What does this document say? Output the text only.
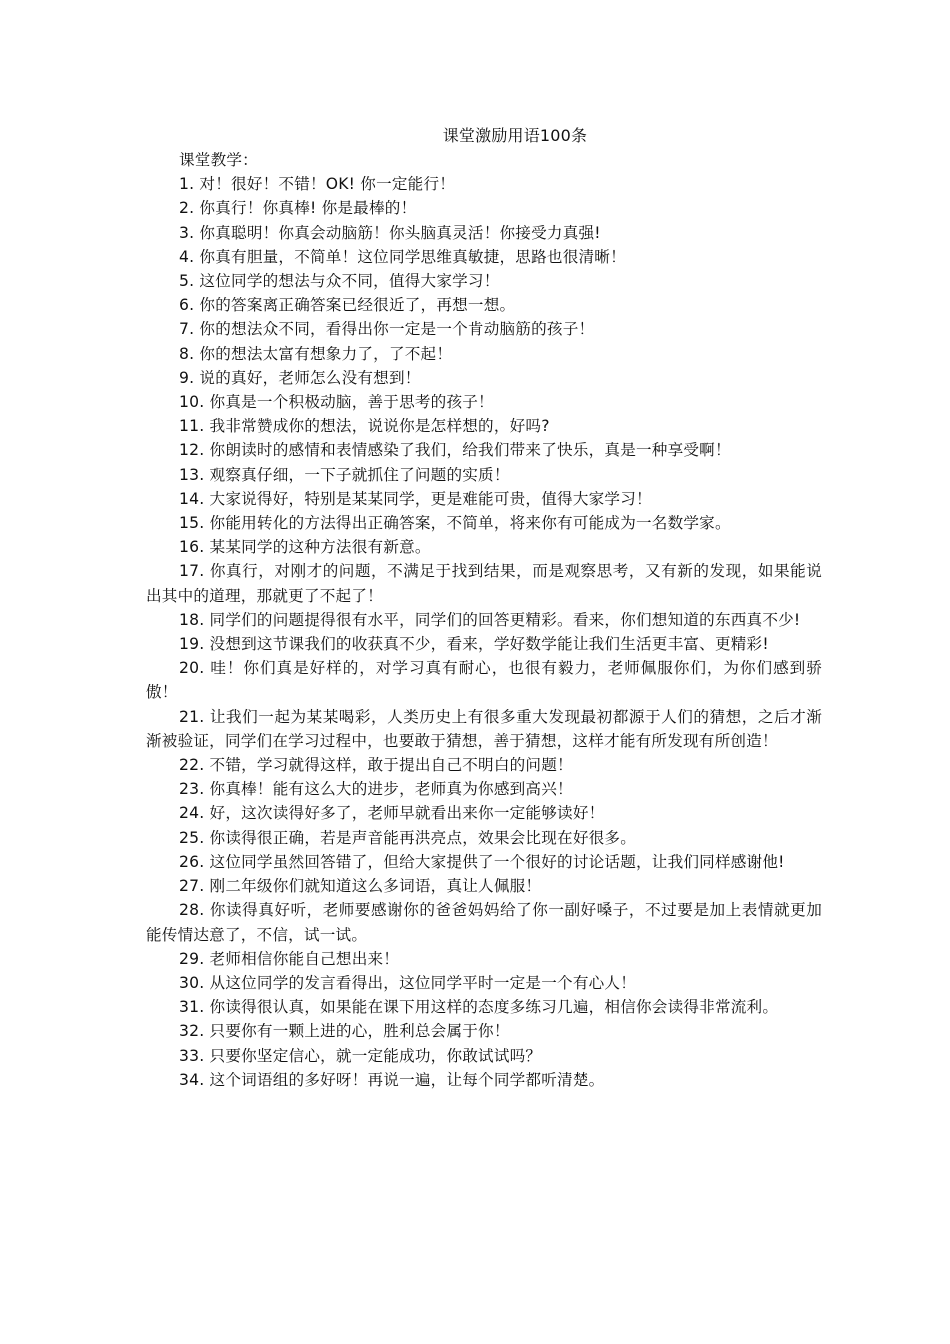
课堂激励用语100条

课堂教学：

1. 对！很好！不错！OK! 你一定能行！

2. 你真行！你真棒! 你是最棒的！

3. 你真聪明！你真会动脑筋！你头脑真灵活！你接受力真强!

4. 你真有胆量，不简单！这位同学思维真敏捷，思路也很清晰！

5. 这位同学的想法与众不同，值得大家学习！

6. 你的答案离正确答案已经很近了，再想一想。

7. 你的想法众不同，看得出你一定是一个肯动脑筋的孩子！

8. 你的想法太富有想象力了，了不起！

9. 说的真好，老师怎么没有想到！

10. 你真是一个积极动脑，善于思考的孩子！

11. 我非常赞成你的想法，说说你是怎样想的，好吗?

12. 你朗读时的感情和表情感染了我们，给我们带来了快乐，真是一种享受啊！

13. 观察真仔细，一下子就抓住了问题的实质！

14. 大家说得好，特别是某某同学，更是难能可贵，值得大家学习！

15. 你能用转化的方法得出正确答案，不简单，将来你有可能成为一名数学家。

16. 某某同学的这种方法很有新意。

17. 你真行，对刚才的问题，不满足于找到结果，而是观察思考，又有新的发现，如果能说出其中的道理，那就更了不起了！

18. 同学们的问题提得很有水平，同学们的回答更精彩。看来，你们想知道的东西真不少!

19. 没想到这节课我们的收获真不少，看来，学好数学能让我们生活更丰富、更精彩!

20. 哇！你们真是好样的，对学习真有耐心，也很有毅力，老师佩服你们，为你们感到骄傲！

21. 让我们一起为某某喝彩，人类历史上有很多重大发现最初都源于人们的猜想，之后才渐渐被验证，同学们在学习过程中，也要敢于猜想，善于猜想，这样才能有所发现有所创造！

22. 不错，学习就得这样，敢于提出自己不明白的问题！

23. 你真棒！能有这么大的进步，老师真为你感到高兴！

24. 好，这次读得好多了，老师早就看出来你一定能够读好！

25. 你读得很正确，若是声音能再洪亮点，效果会比现在好很多。

26. 这位同学虽然回答错了，但给大家提供了一个很好的讨论话题，让我们同样感谢他!

27. 刚二年级你们就知道这么多词语，真让人佩服！

28. 你读得真好听，老师要感谢你的爸爸妈妈给了你一副好嗓子，不过要是加上表情就更加能传情达意了，不信，试一试。

29. 老师相信你能自己想出来！

30. 从这位同学的发言看得出，这位同学平时一定是一个有心人！

31. 你读得很认真，如果能在课下用这样的态度多练习几遍，相信你会读得非常流利。

32. 只要你有一颗上进的心，胜利总会属于你！

33. 只要你坚定信心，就一定能成功，你敢试试吗？

34. 这个词语组的多好呀！再说一遍，让每个同学都听清楚。
